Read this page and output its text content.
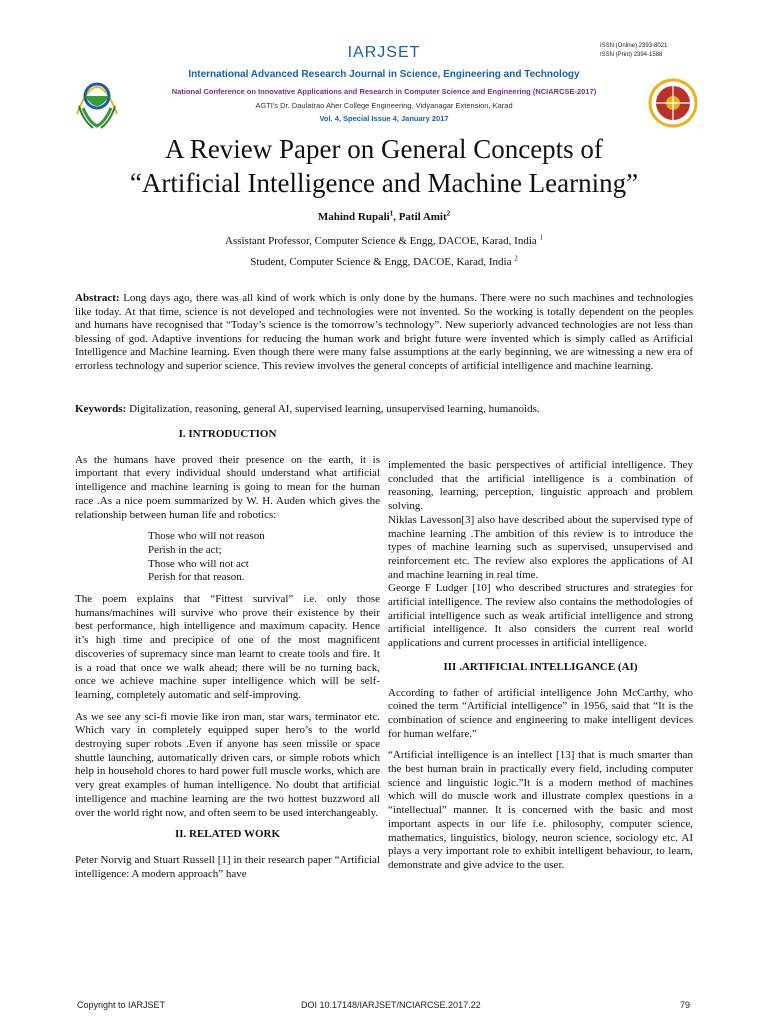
ISSN (Online) 2393-8021
ISSN (Print) 2394-1588
IARJSET
International Advanced Research Journal in Science, Engineering and Technology
National Conference on Innovative Applications and Research in Computer Science and Engineering (NCIARCSE-2017)
AGTI's Dr. Daulatrao Aher College Engineering, Vidyanagar Extension, Karad
Vol. 4, Special Issue 4, January 2017
A Review Paper on General Concepts of
“Artificial Intelligence and Machine Learning”
Mahind Rupali$^1$, Patil Amit$^2$
Assistant Professor, Computer Science & Engg, DACOE, Karad, India $^1$
Student, Computer Science & Engg, DACOE, Karad, India $^2$
Abstract: Long days ago, there was all kind of work which is only done by the humans. There were no such machines and technologies like today. At that time, science is not developed and technologies were not invented. So the working is totally dependent on the peoples and humans have recognised that “Today’s science is the tomorrow’s technology”. New superiorly advanced technologies are not less than blessing of god. Adaptive inventions for reducing the human work and bright future were invented which is simply called as Artificial Intelligence and Machine learning. Even though there were many false assumptions at the early beginning, we are witnessing a new era of errorless technology and superior science. This review involves the general concepts of artificial intelligence and machine learning.
Keywords: Digitalization, reasoning, general AI, supervised learning, unsupervised learning, humanoids.
I. INTRODUCTION

As the humans have proved their presence on the earth, it is important that every individual should understand what artificial intelligence and machine learning is going to mean for the human race .As a nice poem summarized by W. H. Auden which gives the relationship between human life and robotics:

Those who will not reason
Perish in the act;
Those who will not act
Perish for that reason.

The poem explains that “Fittest survival” i.e. only those humans/machines will survive who prove their existence by their best performance, high intelligence and maximum capacity. Hence it’s high time and precipice of one of the most magnificent discoveries of supremacy since man learnt to create tools and fire. It is a road that once we walk ahead; there will be no turning back, once we achieve machine super intelligence which will be self-learning, completely automatic and self-improving.

As we see any sci-fi movie like iron man, star wars, terminator etc. Which vary in completely equipped super hero’s to the world destroying super robots .Even if anyone has seen missile or space shuttle launching, automatically driven cars, or simple robots which help in household chores to hard power full muscle works, which are very great examples of human intelligence. No doubt that artificial intelligence and machine learning are the two hottest buzzword all over the world right now, and often seem to be used interchangeably.

II. RELATED WORK

Peter Norvig and Stuart Russell [1] in their research paper “Artificial intelligence: A modern approach” have

implemented the basic perspectives of artificial intelligence. They concluded that the artificial intelligence is a combination of reasoning, learning, perception, linguistic approach and problem solving.

Niklas Lavesson[3] also have described about the supervised type of machine learning .The ambition of this review is to introduce the types of machine learning such as supervised, unsupervised and reinforcement etc. The review also explores the applications of AI and machine learning in real time.

George F Ludger [10] who described structures and strategies for artificial intelligence. The review also contains the methodologies of artificial intelligence such as weak artificial intelligence and strong artificial intelligence. It also considers the current real world applications and current processes in artificial intelligence.

III .ARTIFICIAL INTELLIGANCE (AI)

According to father of artificial intelligence John McCarthy, who coined the term “Artificial intelligence” in 1956, said that “It is the combination of science and engineering to make intelligent devices for human welfare.”

“Artificial intelligence is an intellect [13] that is much smarter than the best human brain in practically every field, including computer science and linguistic logic.”It is a modern method of machines which will do muscle work and illustrate complex questions in a “intellectual” manner. It is concerned with the basic and most important aspects in our life i.e. philosophy, computer science, mathematics, linguistics, biology, neuron science, sociology etc. AI plays a very important role to exhibit intelligent behaviour, to learn, demonstrate and give advice to the user.

Copyright to IARJSET	DOI 10.17148/IARJSET/NCIARCSE.2017.22	79
